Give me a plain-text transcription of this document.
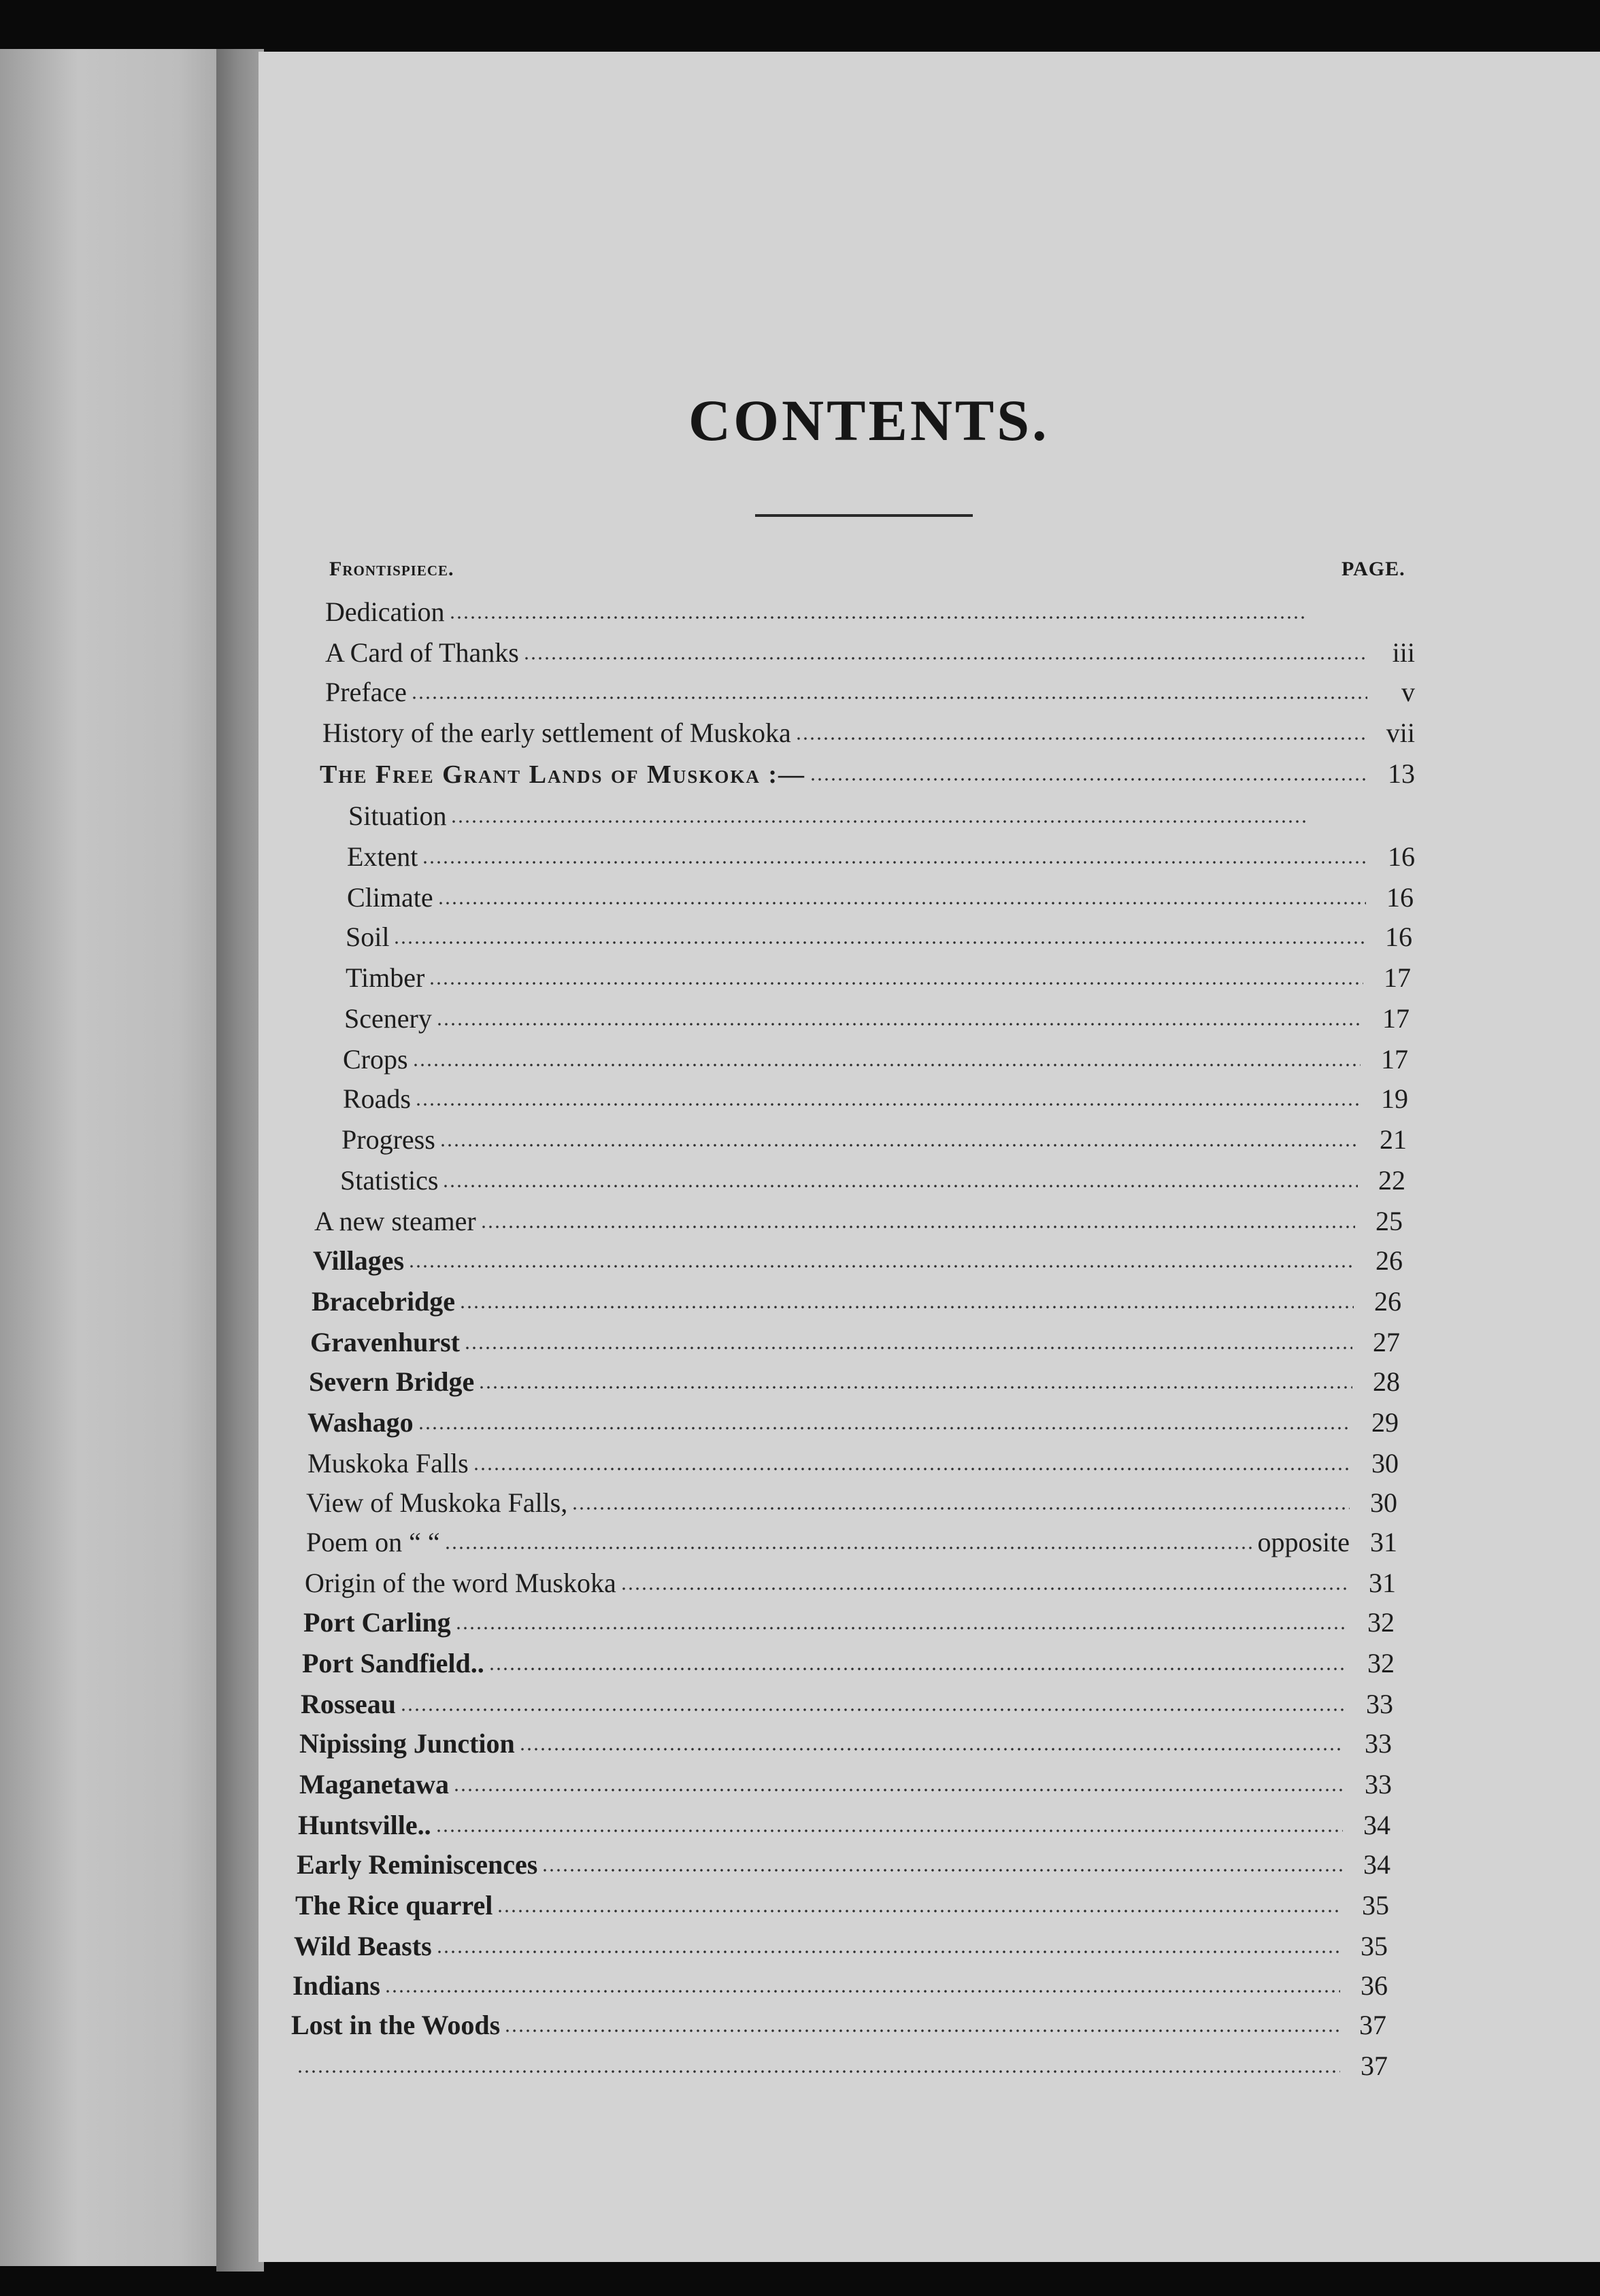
CONTENTS.
Frontispiece.	PAGE.
Dedication
A Card of Thanks	iii
Preface	v
History of the early settlement of Muskoka	vii
The Free Grant Lands of Muskoka :—	13
Situation
Extent	16
Climate	16
Soil	16
Timber	17
Scenery	17
Crops	17
Roads	19
Progress	21
Statistics	22
A new steamer	25
Villages	26
Bracebridge	26
Gravenhurst	27
Severn Bridge	28
Washago	29
Muskoka Falls	30
View of Muskoka Falls,	30
Poem on “ “	opposite 31
Origin of the word Muskoka	31
Port Carling	32
Port Sandfield..	32
Rosseau	33
Nipissing Junction	33
Maganetawa	33
Huntsville..	34
Early Reminiscences	34
The Rice quarrel	35
Wild Beasts	35
Indians	36
Lost in the Woods	37
37
